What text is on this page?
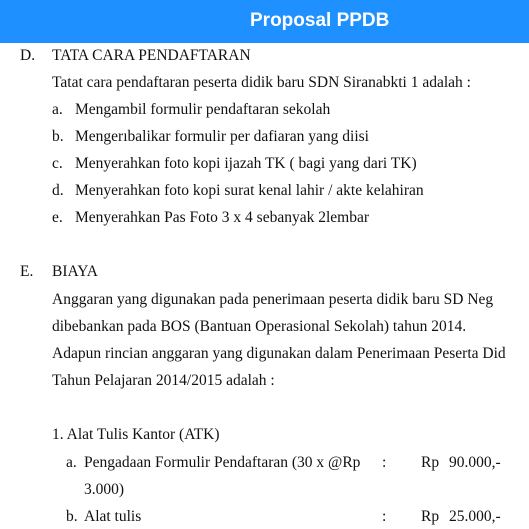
Proposal PPDB
D. TATA CARA PENDAFTARAN
Tatat cara pendaftaran peserta didik baru SDN Siranabkti 1 adalah :
a. Mengambil formulir pendaftaran sekolah
b. Mengerıbalikar formulir per dafiaran yang diisi
c. Menyerahkan foto kopi ijazah TK ( bagi yang dari TK)
d. Menyerahkan foto kopi surat kenal lahir / akte kelahiran
e. Menyerahkan Pas Foto 3 x 4 sebanyak 2lembar
E. BIAYA
Anggaran yang digunakan pada penerimaan peserta didik baru SD Neg
dibebankan pada BOS (Bantuan Operasional Sekolah) tahun 2014.
Adapun rincian anggaran yang digunakan dalam Penerimaan Peserta Did
Tahun Pelajaran 2014/2015 adalah :
1. Alat Tulis Kantor (ATK)
a. Pengadaan Formulir Pendaftaran (30 x @Rp : Rp 90.000,-
3.000)
b. Alat tulis	: Rp 25.000,-
